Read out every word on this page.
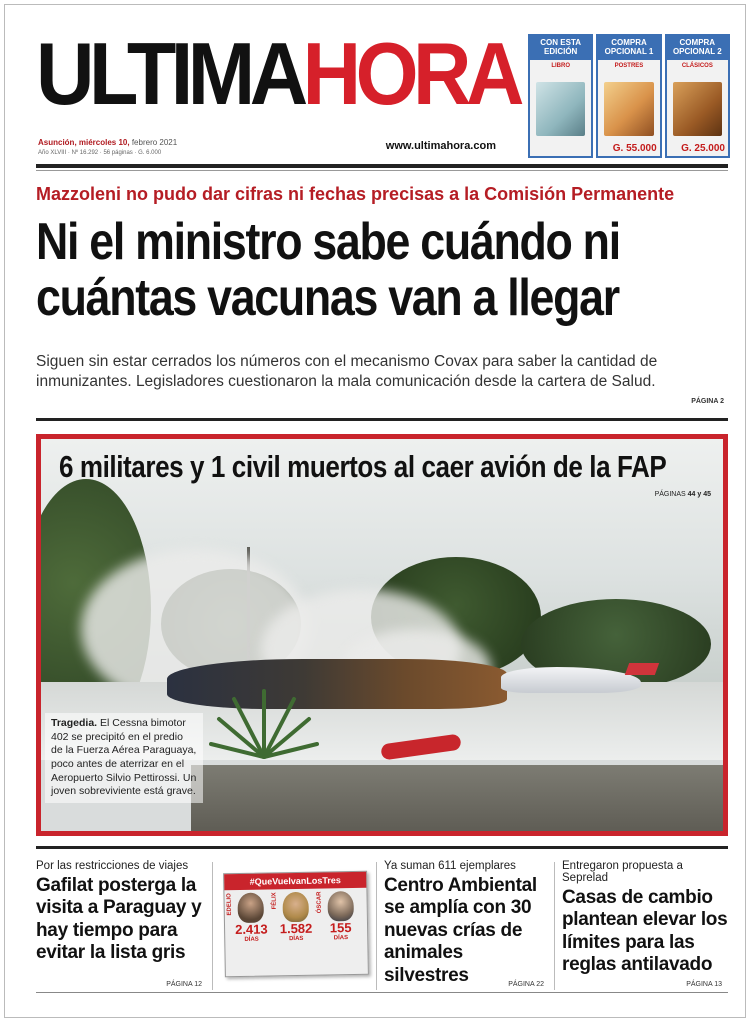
ULTIMAHORA
Asunción, miércoles 10, febrero 2021
Año XLVIII · Nº 16.292 · 56 páginas · G. 6.000
www.ultimahora.com
CON ESTA EDICIÓN
LIBRO
COMPRA OPCIONAL 1
POSTRES
G. 55.000
COMPRA OPCIONAL 2
CLÁSICOS
G. 25.000
Mazzoleni no pudo dar cifras ni fechas precisas a la Comisión Permanente
Ni el ministro sabe cuándo ni
cuántas vacunas van a llegar
Siguen sin estar cerrados los números con el mecanismo Covax para saber la cantidad de inmunizantes. Legisladores cuestionaron la mala comunicación desde la cartera de Salud.
PÁGINA 2
6 militares y 1 civil muertos al caer avión de la FAP
PÁGINAS 44 y 45
Tragedia. El Cessna bimotor 402 se precipitó en el predio de la Fuerza Aérea Paraguaya, poco antes de aterrizar en el Aeropuerto Silvio Pettirossi. Un joven sobreviviente está grave.
Por las restricciones de viajes
Gafilat posterga la visita a Paraguay y hay tiempo para evitar la lista gris
PÁGINA 12
#QueVuelvanLosTres
EDELIO
2.413
DÍAS
FÉLIX
1.582
DÍAS
ÓSCAR
155
DÍAS
Ya suman 611 ejemplares
Centro Ambiental se amplía con 30 nuevas crías de animales silvestres	PÁGINA 22
Entregaron propuesta a Seprelad
Casas de cambio plantean elevar los límites para las reglas antilavado
PÁGINA 13
